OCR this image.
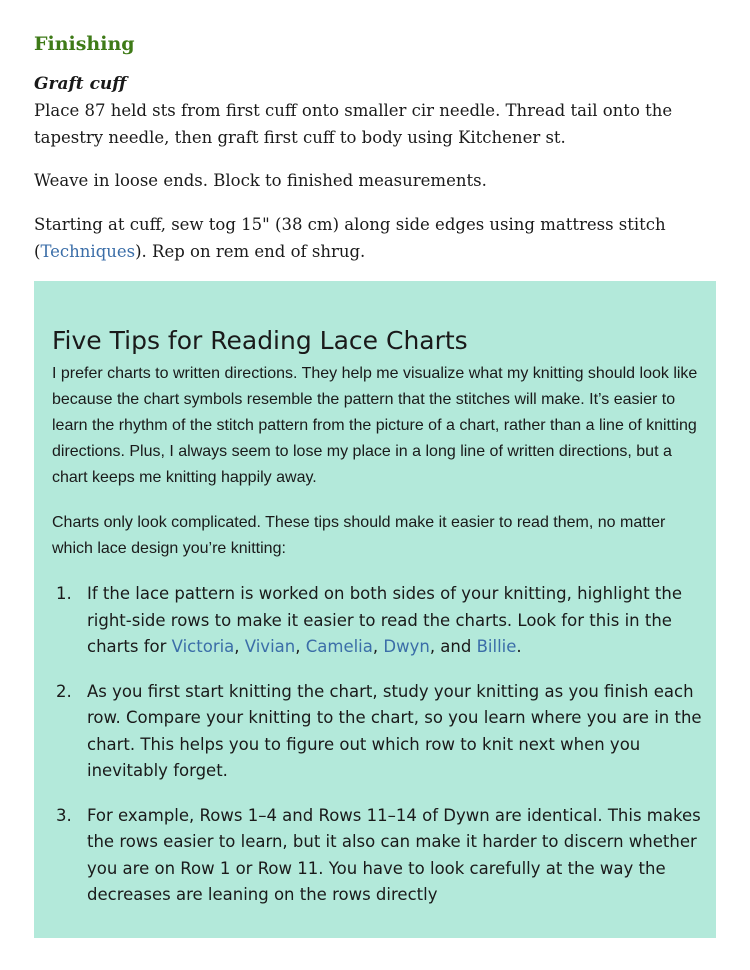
Finishing
Graft cuff

Place 87 held sts from first cuff onto smaller cir needle. Thread tail onto the tapestry needle, then graft first cuff to body using Kitchener st.

Weave in loose ends. Block to finished measurements.

Starting at cuff, sew tog 15" (38 cm) along side edges using mattress stitch (Techniques). Rep on rem end of shrug.

Five Tips for Reading Lace Charts

I prefer charts to written directions. They help me visualize what my knitting should look like because the chart symbols resemble the pattern that the stitches will make. It’s easier to learn the rhythm of the stitch pattern from the picture of a chart, rather than a line of knitting directions. Plus, I always seem to lose my place in a long line of written directions, but a chart keeps me knitting happily away.

Charts only look complicated. These tips should make it easier to read them, no matter which lace design you’re knitting:

1. If the lace pattern is worked on both sides of your knitting, highlight the right-side rows to make it easier to read the charts. Look for this in the charts for Victoria, Vivian, Camelia, Dwyn, and Billie.
2. As you first start knitting the chart, study your knitting as you finish each row. Compare your knitting to the chart, so you learn where you are in the chart. This helps you to figure out which row to knit next when you inevitably forget.
3. For example, Rows 1–4 and Rows 11–14 of Dywn are identical. This makes the rows easier to learn, but it also can make it harder to discern whether you are on Row 1 or Row 11. You have to look carefully at the way the decreases are leaning on the rows directly
